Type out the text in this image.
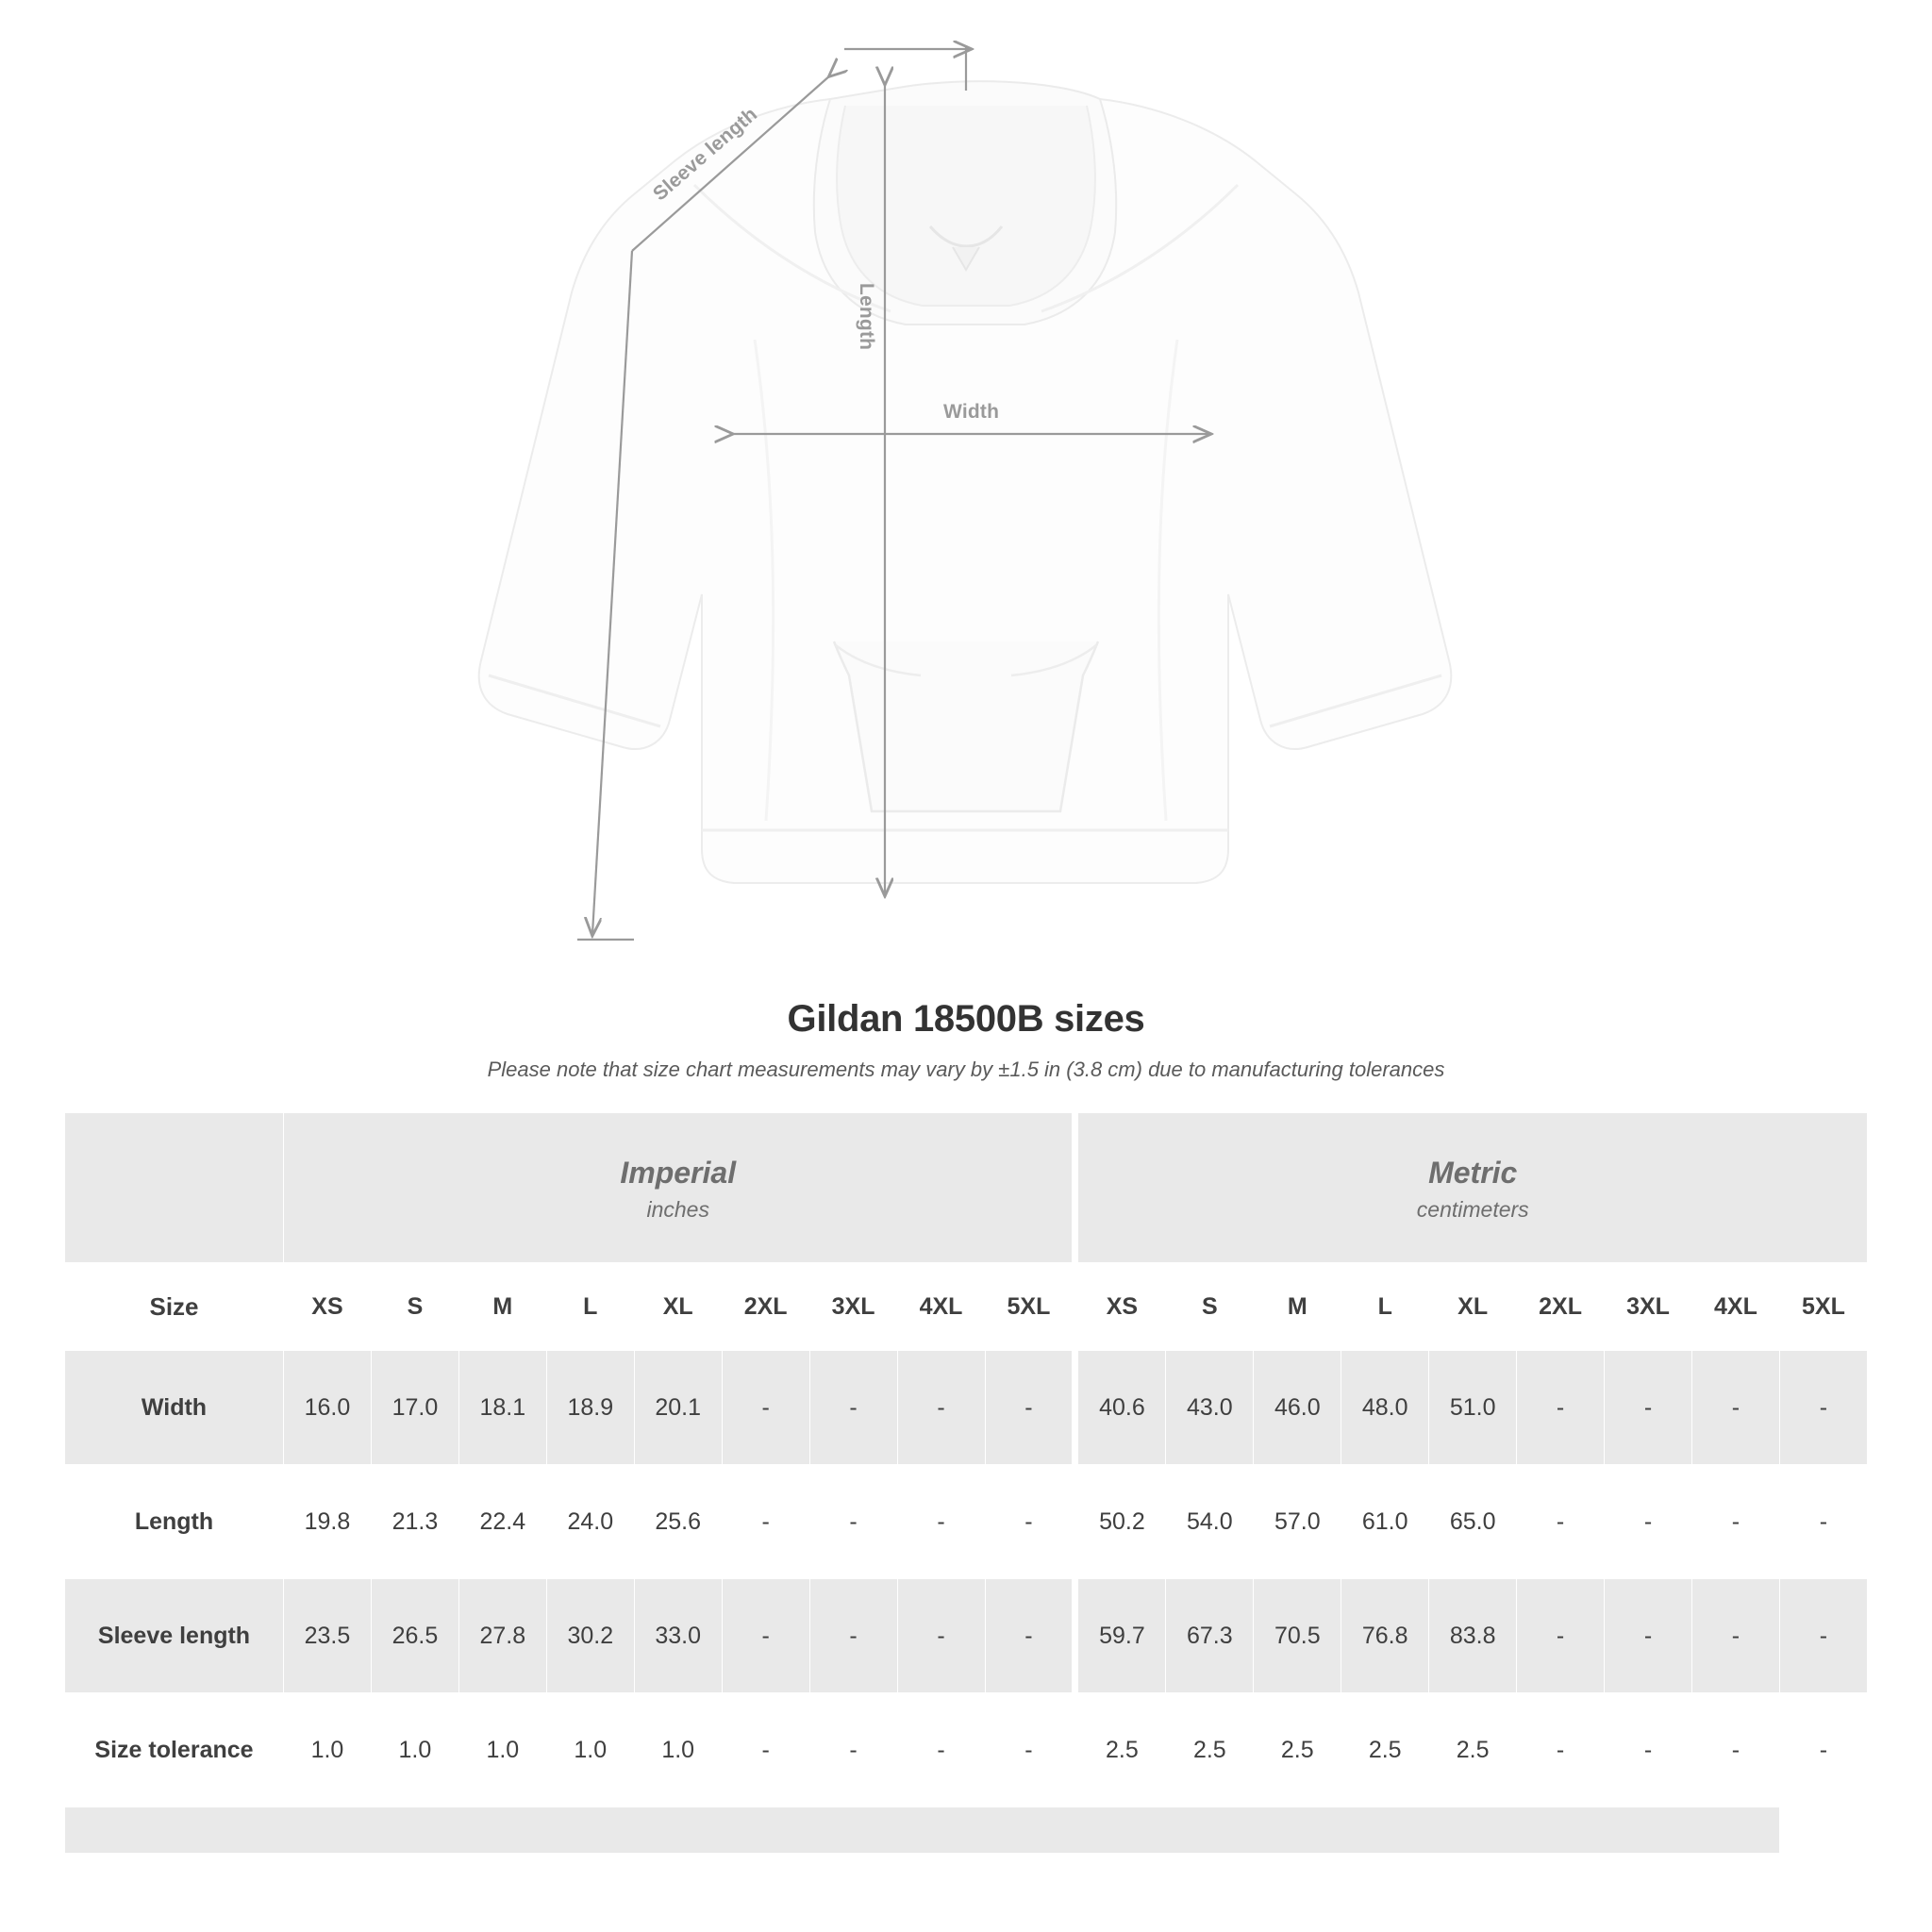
Width
Length
Sleeve length
Gildan 18500B sizes
Please note that size chart measurements may vary by ±1.5 in (3.8 cm) due to manufacturing tolerances

Imperial
inches

Metric
centimeters

Size	XS	S	M	L	XL	2XL	3XL	4XL	5XL		XS	S	M	L	XL	2XL	3XL	4XL	5XL
Width	16.0	17.0	18.1	18.9	20.1	-	-	-	-		40.6	43.0	46.0	48.0	51.0	-	-	-	-
Length	19.8	21.3	22.4	24.0	25.6	-	-	-	-		50.2	54.0	57.0	61.0	65.0	-	-	-	-
Sleeve length	23.5	26.5	27.8	30.2	33.0	-	-	-	-		59.7	67.3	70.5	76.8	83.8	-	-	-	-
Size tolerance	1.0	1.0	1.0	1.0	1.0	-	-	-	-		2.5	2.5	2.5	2.5	2.5	-	-	-	-
